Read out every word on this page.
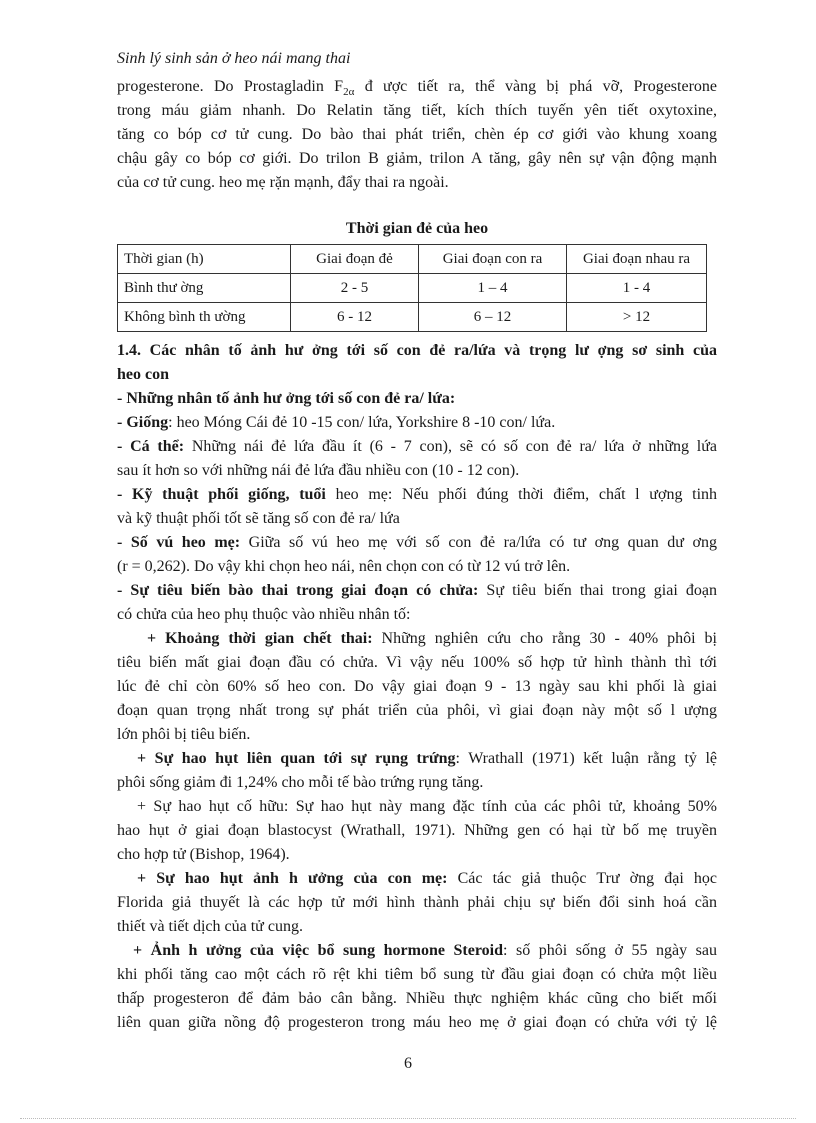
Sinh lý sinh sản ở heo nái mang thai
progesterone. Do Prostagladin $F_{2\alpha}$ đ ược tiết ra, thể vàng bị phá vỡ, Progesterone
trong máu giảm nhanh. Do Relatin tăng tiết, kích thích tuyến yên tiết oxytoxine,
tăng co bóp cơ tử cung. Do bào thai phát triển, chèn ép cơ giới vào khung xoang
chậu gây co bóp cơ giới. Do trilon B giảm, trilon A tăng, gây nên sự vận động mạnh
của cơ tử cung. heo mẹ rặn mạnh, đẩy thai ra ngoài.
Thời gian đẻ của heo
Thời gian (h)	Giai đoạn đẻ	Giai đoạn con ra	Giai đoạn nhau ra
Bình thư ờng	2 - 5	1 – 4	1 - 4
Không bình th ường	6 - 12	6 – 12	> 12
1.4. Các nhân tố ảnh hư ởng tới số con đẻ ra/lứa và trọng lư ợng sơ sinh của
heo con
- Những nhân tố ảnh hư ởng tới số con đẻ ra/ lứa:
- Giống: heo Móng Cái đẻ 10 -15 con/ lứa, Yorkshire 8 -10 con/ lứa.
- Cá thể: Những nái đẻ lứa đầu ít (6 - 7 con), sẽ có số con đẻ ra/ lứa ở những lứa
sau ít hơn so với những nái đẻ lứa đầu nhiều con (10 - 12 con).
- Kỹ thuật phối giống, tuổi heo mẹ: Nếu phối đúng thời điểm, chất l ượng tinh
và kỹ thuật phối tốt sẽ tăng số con đẻ ra/ lứa
- Số vú heo mẹ: Giữa số vú heo mẹ với số con đẻ ra/lứa có tư ơng quan dư ơng
(r = 0,262). Do vậy khi chọn heo nái, nên chọn con có từ 12 vú trở lên.
- Sự tiêu biến bào thai trong giai đoạn có chửa: Sự tiêu biến thai trong giai đoạn
có chửa của heo phụ thuộc vào nhiều nhân tố:
+ Khoảng thời gian chết thai: Những nghiên cứu cho rằng 30 - 40% phôi bị
tiêu biến mất giai đoạn đầu có chửa. Vì vậy nếu 100% số hợp tử hình thành thì tới
lúc đẻ chỉ còn 60% số heo con. Do vậy giai đoạn 9 - 13 ngày sau khi phối là giai
đoạn quan trọng nhất trong sự phát triển của phôi, vì giai đoạn này một số l ượng
lớn phôi bị tiêu biến.
+ Sự hao hụt liên quan tới sự rụng trứng: Wrathall (1971) kết luận rằng tỷ lệ
phôi sống giảm đi 1,24% cho mỗi tế bào trứng rụng tăng.
+ Sự hao hụt cố hữu: Sự hao hụt này mang đặc tính của các phôi tử, khoảng 50%
hao hụt ở giai đoạn blastocyst (Wrathall, 1971). Những gen có hại từ bố mẹ truyền
cho hợp tử (Bishop, 1964).
+ Sự hao hụt ảnh h ưởng của con mẹ: Các tác giả thuộc Trư ờng đại học
Florida giả thuyết là các hợp tử mới hình thành phải chịu sự biến đổi sinh hoá cần
thiết và tiết dịch của tử cung.
+ Ảnh h ưởng của việc bổ sung hormone Steroid: số phôi sống ở 55 ngày sau
khi phối tăng cao một cách rõ rệt khi tiêm bổ sung từ đầu giai đoạn có chửa một liều
thấp progesteron để đảm bảo cân bằng. Nhiều thực nghiệm khác cũng cho biết mối
liên quan giữa nồng độ progesteron trong máu heo mẹ ở giai đoạn có chửa với tỷ lệ
6
